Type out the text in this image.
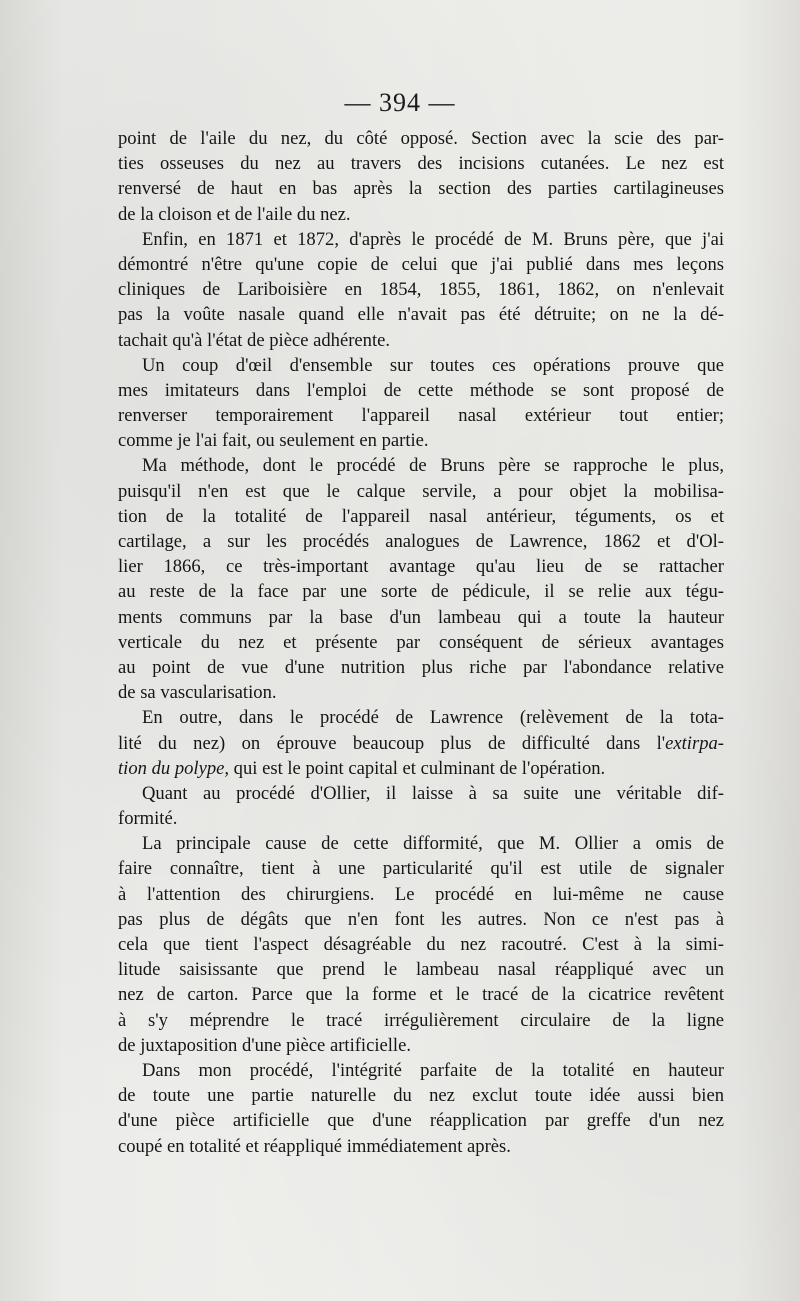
— 394 —
point de l'aile du nez, du côté opposé. Section avec la scie des par-
ties osseuses du nez au travers des incisions cutanées. Le nez est
renversé de haut en bas après la section des parties cartilagineuses
de la cloison et de l'aile du nez.
Enfin, en 1871 et 1872, d'après le procédé de M. Bruns père, que j'ai
démontré n'être qu'une copie de celui que j'ai publié dans mes leçons
cliniques de Lariboisière en 1854, 1855, 1861, 1862, on n'enlevait
pas la voûte nasale quand elle n'avait pas été détruite; on ne la dé-
tachait qu'à l'état de pièce adhérente.
Un coup d'œil d'ensemble sur toutes ces opérations prouve que
mes imitateurs dans l'emploi de cette méthode se sont proposé de
renverser temporairement l'appareil nasal extérieur tout entier;
comme je l'ai fait, ou seulement en partie.
Ma méthode, dont le procédé de Bruns père se rapproche le plus,
puisqu'il n'en est que le calque servile, a pour objet la mobilisa-
tion de la totalité de l'appareil nasal antérieur, téguments, os et
cartilage, a sur les procédés analogues de Lawrence, 1862 et d'Ol-
lier 1866, ce très-important avantage qu'au lieu de se rattacher
au reste de la face par une sorte de pédicule, il se relie aux tégu-
ments communs par la base d'un lambeau qui a toute la hauteur
verticale du nez et présente par conséquent de sérieux avantages
au point de vue d'une nutrition plus riche par l'abondance relative
de sa vascularisation.
En outre, dans le procédé de Lawrence (relèvement de la tota-
lité du nez) on éprouve beaucoup plus de difficulté dans l'extirpa-
tion du polype, qui est le point capital et culminant de l'opération.
Quant au procédé d'Ollier, il laisse à sa suite une véritable dif-
formité.
La principale cause de cette difformité, que M. Ollier a omis de
faire connaître, tient à une particularité qu'il est utile de signaler
à l'attention des chirurgiens. Le procédé en lui-même ne cause
pas plus de dégâts que n'en font les autres. Non ce n'est pas à
cela que tient l'aspect désagréable du nez racoutré. C'est à la simi-
litude saisissante que prend le lambeau nasal réappliqué avec un
nez de carton. Parce que la forme et le tracé de la cicatrice revêtent
à s'y méprendre le tracé irrégulièrement circulaire de la ligne
de juxtaposition d'une pièce artificielle.
Dans mon procédé, l'intégrité parfaite de la totalité en hauteur
de toute une partie naturelle du nez exclut toute idée aussi bien
d'une pièce artificielle que d'une réapplication par greffe d'un nez
coupé en totalité et réappliqué immédiatement après.
